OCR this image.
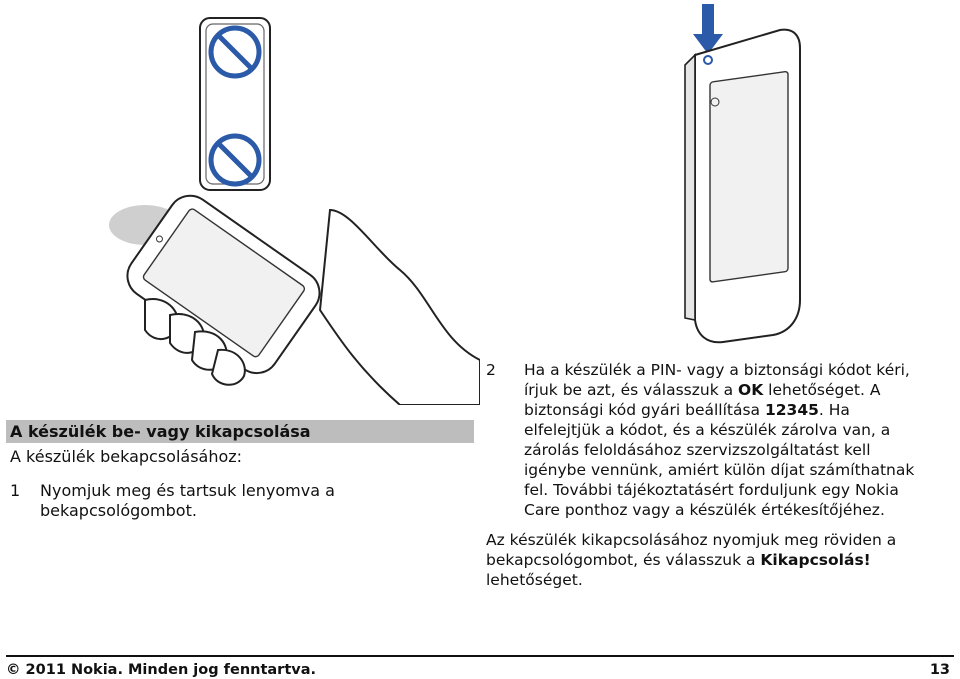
A készülék be- vagy kikapcsolása
A készülék bekapcsolásához:
1	Nyomjuk meg és tartsuk lenyomva a bekapcsológombot.
2	Ha a készülék a PIN- vagy a biztonsági kódot kéri, írjuk be azt, és válasszuk a OK lehetőséget. A biztonsági kód gyári beállítása 12345. Ha elfelejtjük a kódot, és a készülék zárolva van, a zárolás feloldásához szervizszolgáltatást kell igénybe vennünk, amiért külön díjat számíthatnak fel. További tájékoztatásért forduljunk egy Nokia Care ponthoz vagy a készülék értékesítőjéhez.
Az készülék kikapcsolásához nyomjuk meg röviden a bekapcsológombot, és válasszuk a Kikapcsolás! lehetőséget.
© 2011 Nokia. Minden jog fenntartva.	13
